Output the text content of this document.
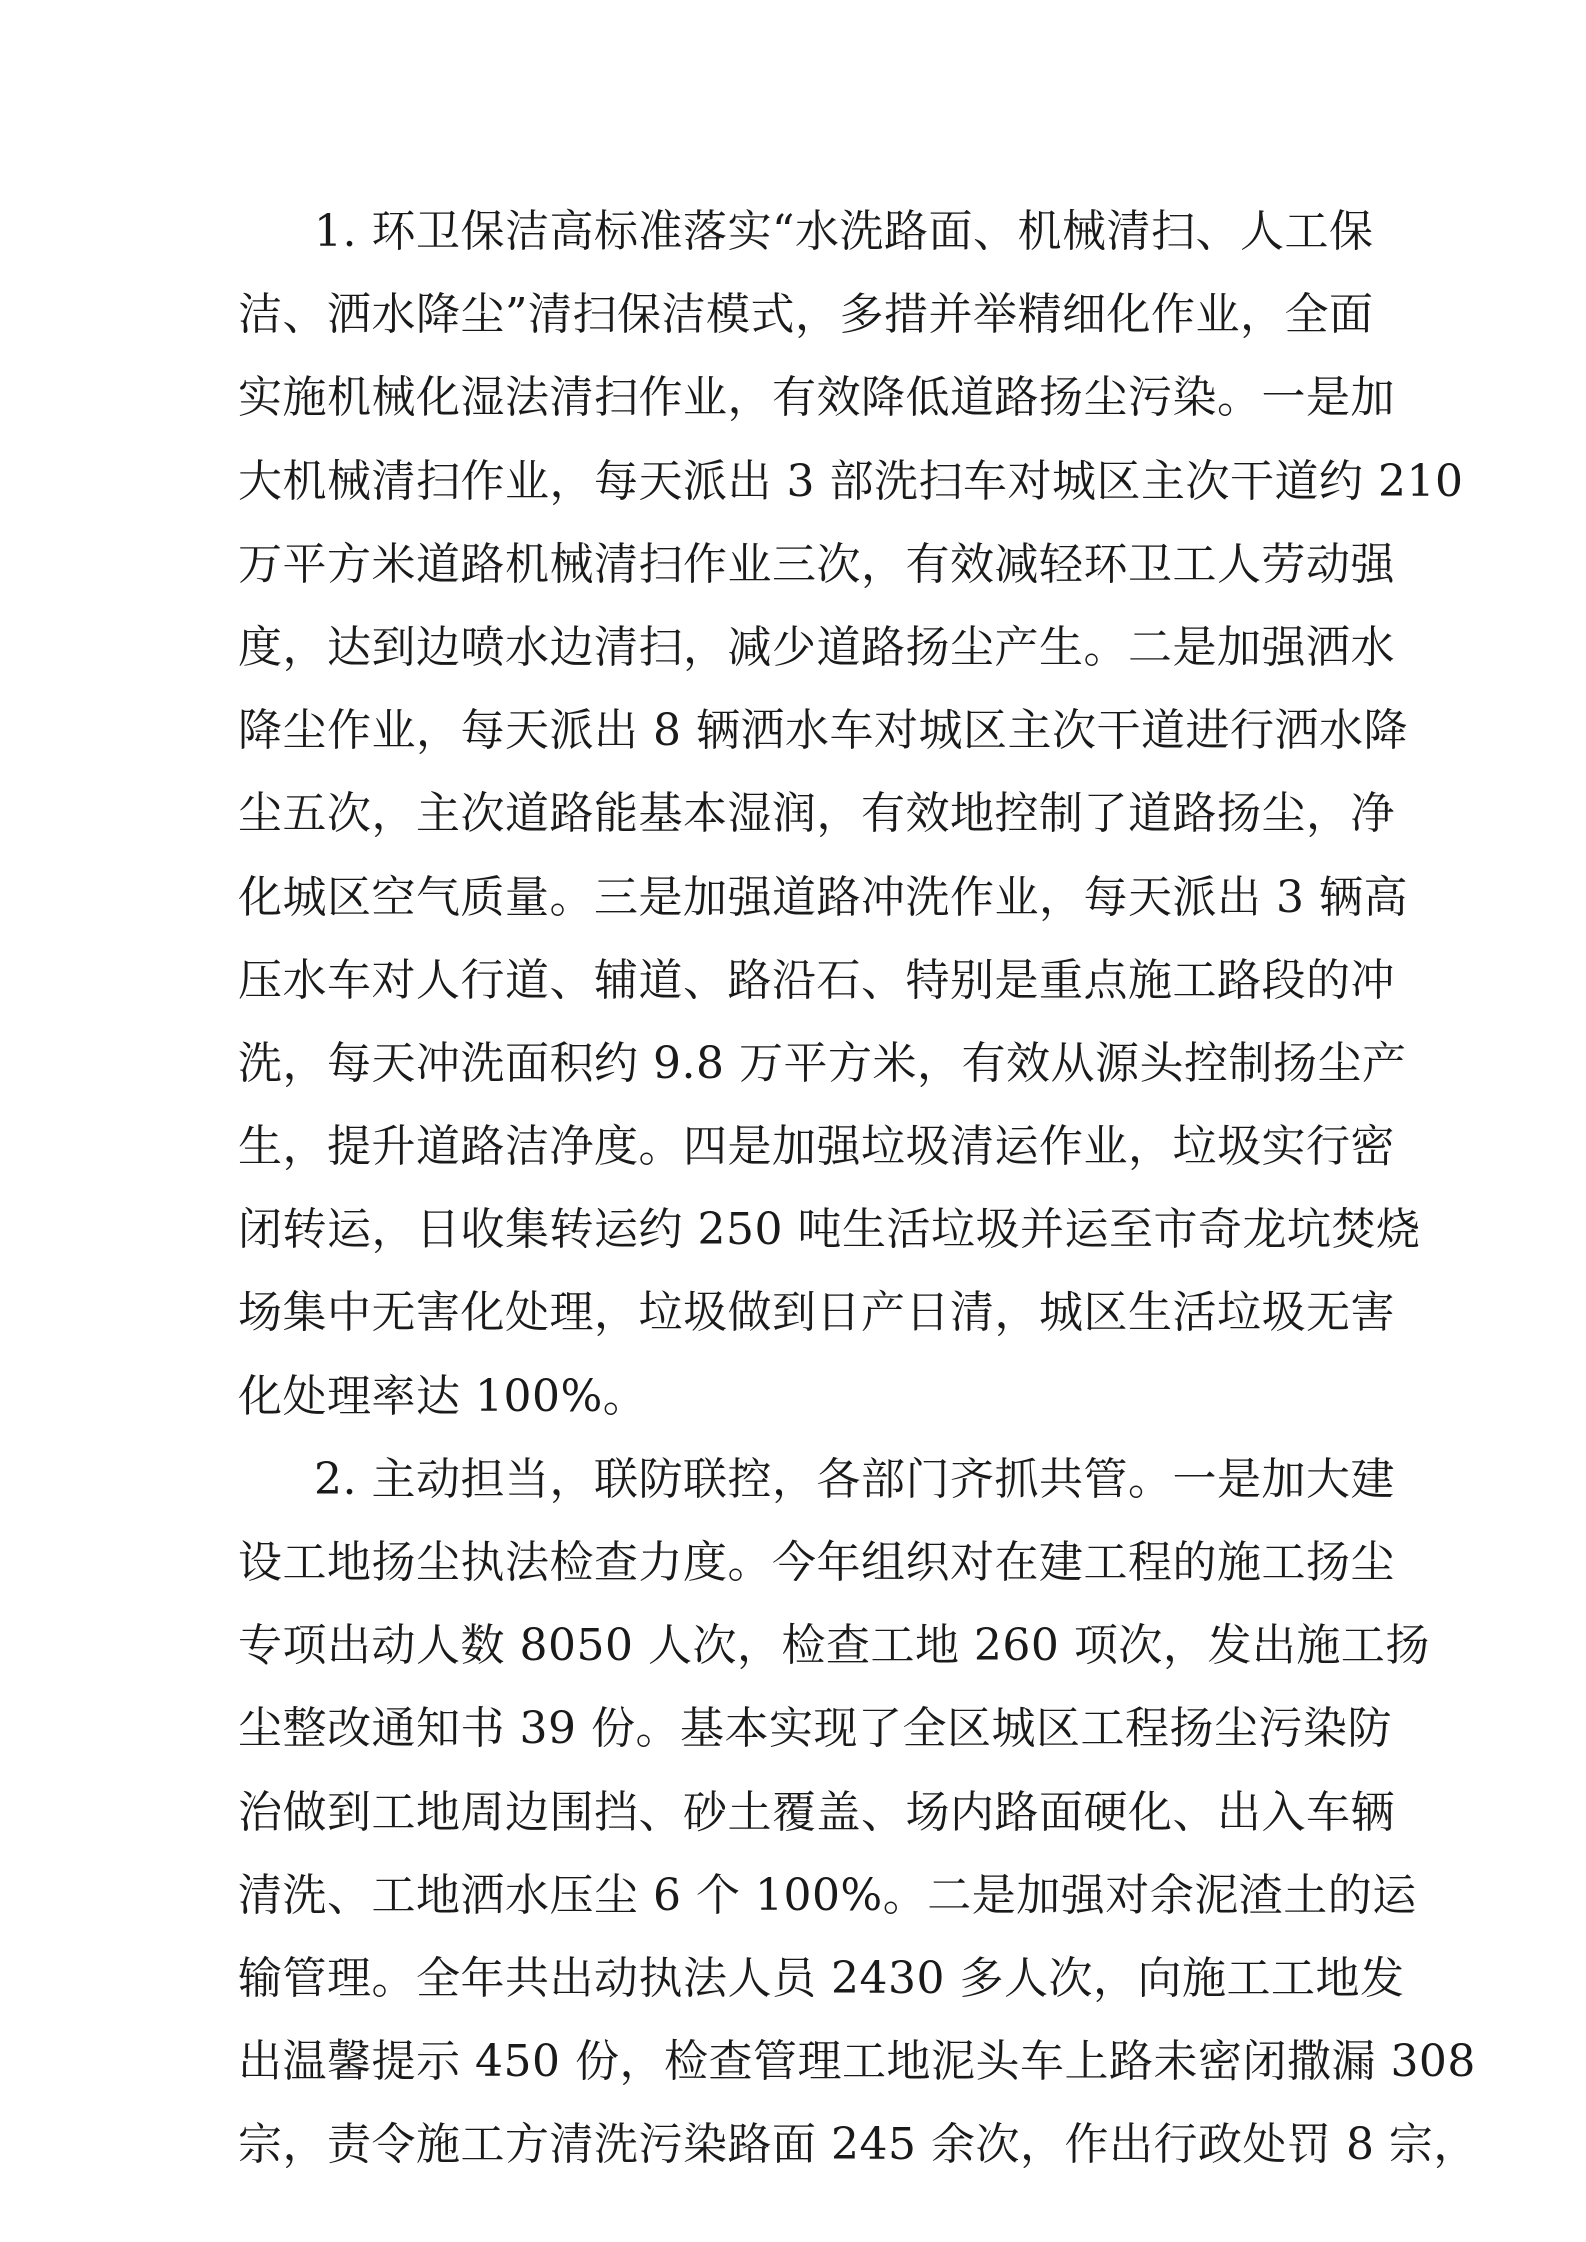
1. 环卫保洁高标准落实“水洗路面、机械清扫、人工保
洁、洒水降尘”清扫保洁模式，多措并举精细化作业，全面
实施机械化湿法清扫作业，有效降低道路扬尘污染。一是加
大机械清扫作业，每天派出 3 部洗扫车对城区主次干道约 210
万平方米道路机械清扫作业三次，有效减轻环卫工人劳动强
度，达到边喷水边清扫，减少道路扬尘产生。二是加强洒水
降尘作业，每天派出 8 辆洒水车对城区主次干道进行洒水降
尘五次，主次道路能基本湿润，有效地控制了道路扬尘，净
化城区空气质量。三是加强道路冲洗作业，每天派出 3 辆高
压水车对人行道、辅道、路沿石、特别是重点施工路段的冲
洗，每天冲洗面积约 9.8 万平方米，有效从源头控制扬尘产
生，提升道路洁净度。四是加强垃圾清运作业，垃圾实行密
闭转运，日收集转运约 250 吨生活垃圾并运至市奇龙坑焚烧
场集中无害化处理，垃圾做到日产日清，城区生活垃圾无害
化处理率达 100%。
2. 主动担当，联防联控，各部门齐抓共管。一是加大建
设工地扬尘执法检查力度。今年组织对在建工程的施工扬尘
专项出动人数 8050 人次，检查工地 260 项次，发出施工扬
尘整改通知书 39 份。基本实现了全区城区工程扬尘污染防
治做到工地周边围挡、砂土覆盖、场内路面硬化、出入车辆
清洗、工地洒水压尘 6 个 100%。二是加强对余泥渣土的运
输管理。全年共出动执法人员 2430 多人次，向施工工地发
出温馨提示 450 份，检查管理工地泥头车上路未密闭撒漏 308
宗，责令施工方清洗污染路面 245 余次，作出行政处罚 8 宗，
